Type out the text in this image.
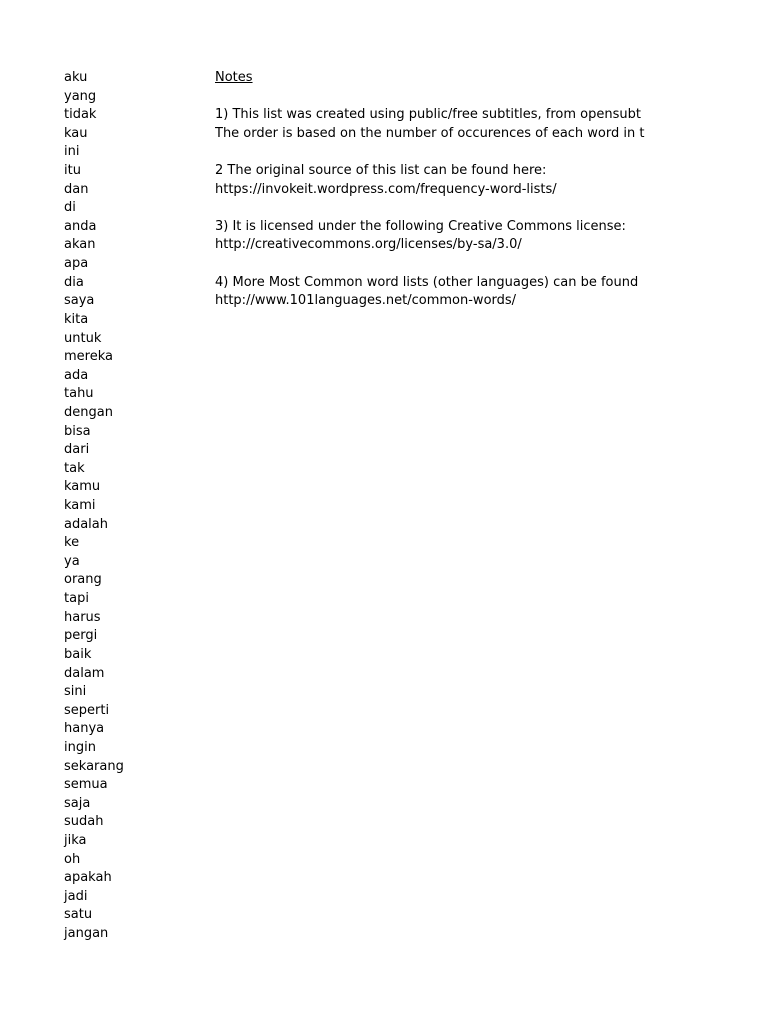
aku
yang
tidak
kau
ini
itu
dan
di
anda
akan
apa
dia
saya
kita
untuk
mereka
ada
tahu
dengan
bisa
dari
tak
kamu
kami
adalah
ke
ya
orang
tapi
harus
pergi
baik
dalam
sini
seperti
hanya
ingin
sekarang
semua
saja
sudah
jika
oh
apakah
jadi
satu
jangan
Notes
1) This list was created using public/free subtitles, from opensubt
The order is based on the number of occurences of each word in t
2 The original source of this list can be found here:
https://invokeit.wordpress.com/frequency-word-lists/
3) It is licensed under the following Creative Commons license:
http://creativecommons.org/licenses/by-sa/3.0/
4) More Most Common word lists (other languages) can be found
http://www.101languages.net/common-words/
